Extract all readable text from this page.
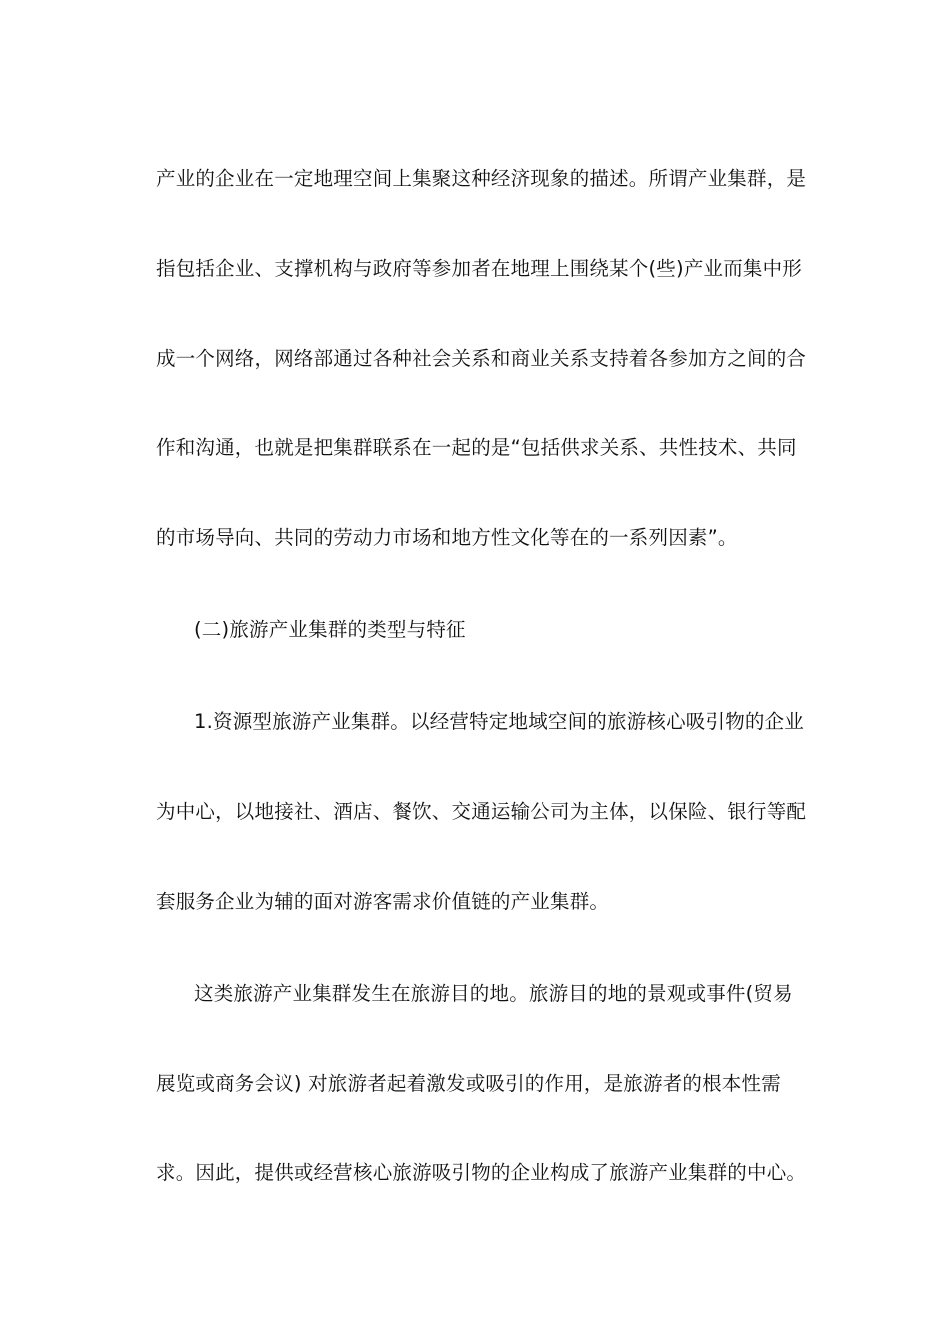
产业的企业在一定地理空间上集聚这种经济现象的描述。所谓产业集群，是
指包括企业、支撑机构与政府等参加者在地理上围绕某个(些)产业而集中形
成一个网络，网络部通过各种社会关系和商业关系支持着各参加方之间的合
作和沟通，也就是把集群联系在一起的是“包括供求关系、共性技术、共同
的市场导向、共同的劳动力市场和地方性文化等在的一系列因素”。
(二)旅游产业集群的类型与特征
1.资源型旅游产业集群。以经营特定地域空间的旅游核心吸引物的企业
为中心，以地接社、酒店、餐饮、交通运输公司为主体，以保险、银行等配
套服务企业为辅的面对游客需求价值链的产业集群。
这类旅游产业集群发生在旅游目的地。旅游目的地的景观或事件(贸易
展览或商务会议) 对旅游者起着激发或吸引的作用，是旅游者的根本性需
求。因此，提供或经营核心旅游吸引物的企业构成了旅游产业集群的中心。
